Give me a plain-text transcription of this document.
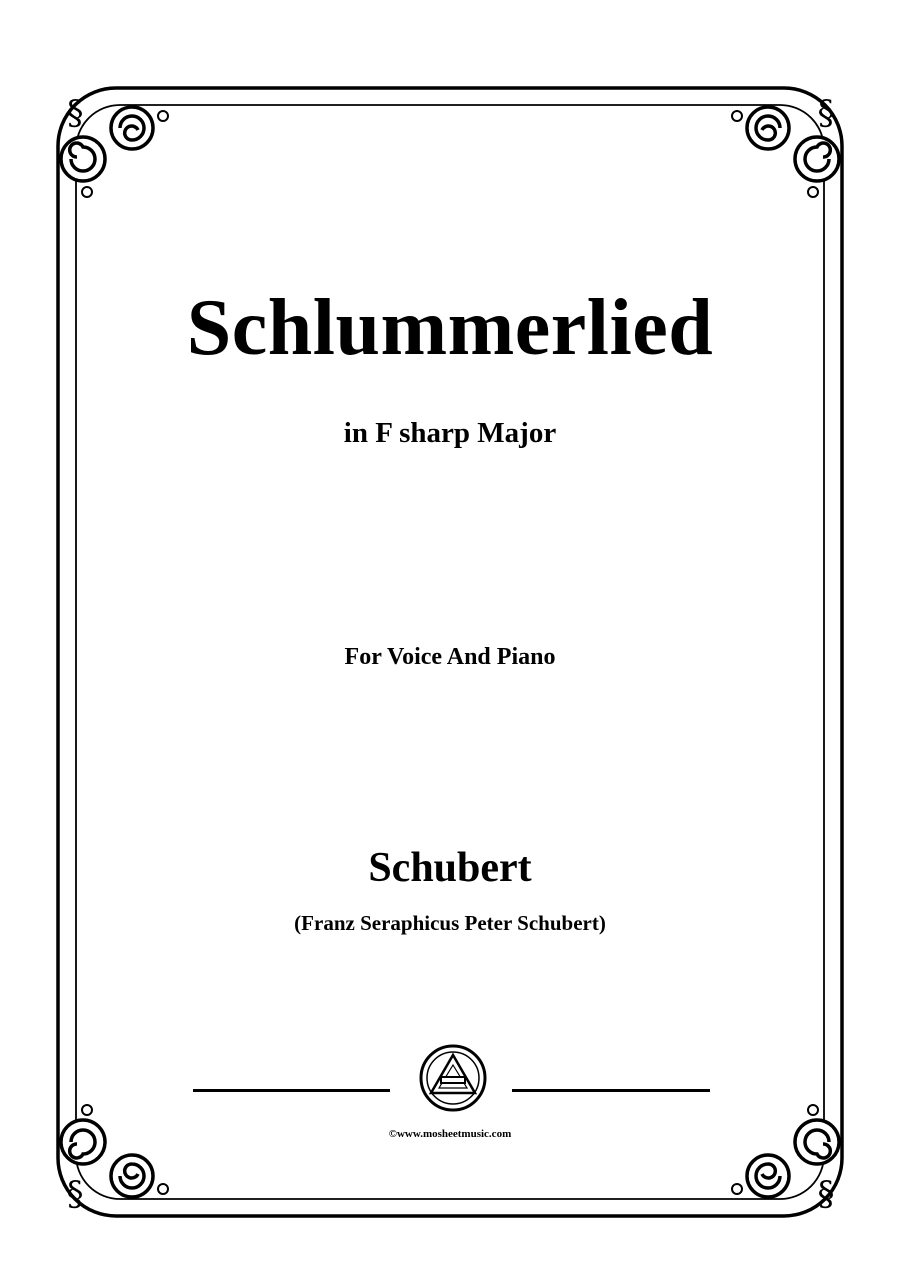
§	§
§	§
Schlummerlied
in F sharp Major
For Voice And Piano
Schubert
(Franz Seraphicus Peter Schubert)
©www.mosheetmusic.com
